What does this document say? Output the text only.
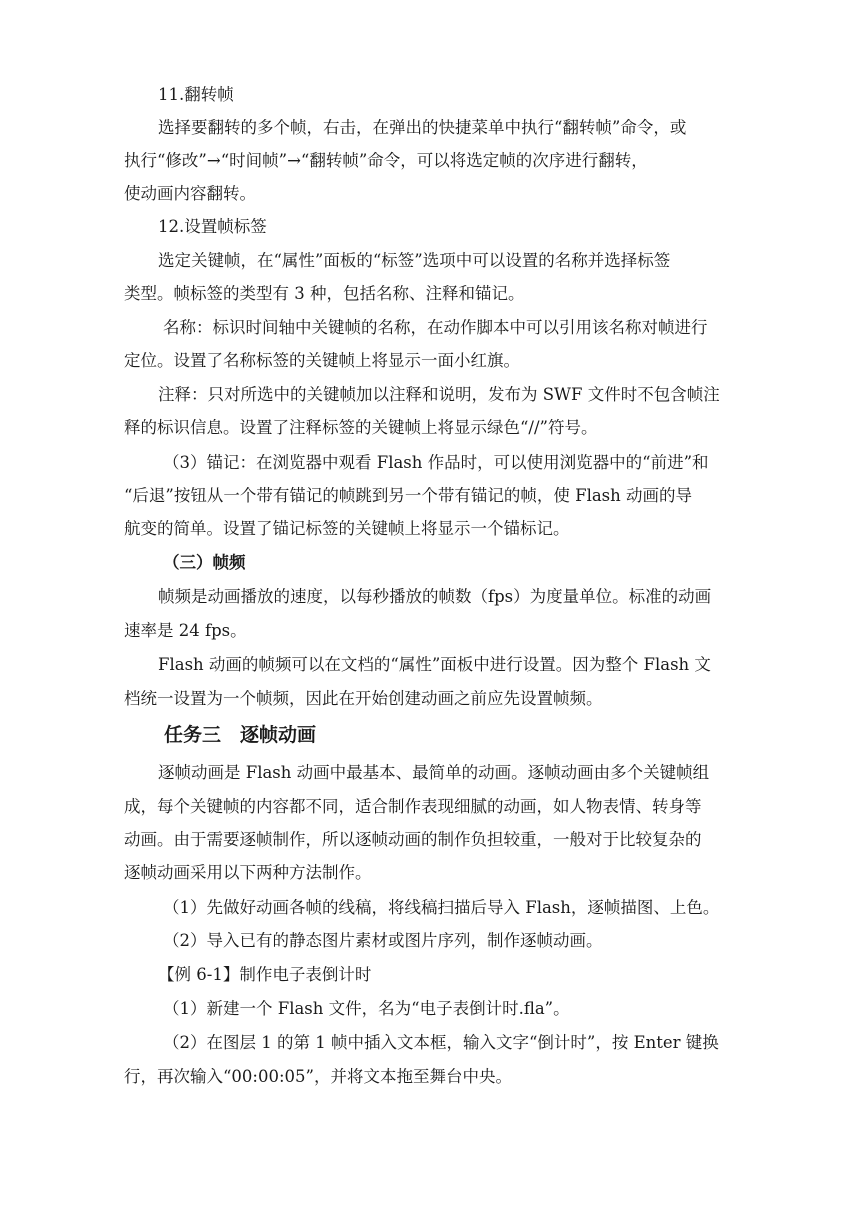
11.翻转帧
选择要翻转的多个帧，右击，在弹出的快捷菜单中执行“翻转帧”命令，或
执行“修改”→“时间帧”→“翻转帧”命令，可以将选定帧的次序进行翻转，
使动画内容翻转。
12.设置帧标签
选定关键帧，在“属性”面板的“标签”选项中可以设置的名称并选择标签
类型。帧标签的类型有 3 种，包括名称、注释和锚记。
名称：标识时间轴中关键帧的名称，在动作脚本中可以引用该名称对帧进行
定位。设置了名称标签的关键帧上将显示一面小红旗。
注释：只对所选中的关键帧加以注释和说明，发布为 SWF 文件时不包含帧注
释的标识信息。设置了注释标签的关键帧上将显示绿色“//”符号。
（3）锚记：在浏览器中观看 Flash 作品时，可以使用浏览器中的“前进”和
“后退”按钮从一个带有锚记的帧跳到另一个带有锚记的帧，使 Flash 动画的导
航变的简单。设置了锚记标签的关键帧上将显示一个锚标记。
（三）帧频
帧频是动画播放的速度，以每秒播放的帧数（fps）为度量单位。标准的动画
速率是 24 fps。
Flash 动画的帧频可以在文档的“属性”面板中进行设置。因为整个 Flash 文
任务三　逐帧动画
档统一设置为一个帧频，因此在开始创建动画之前应先设置帧频。
逐帧动画是 Flash 动画中最基本、最简单的动画。逐帧动画由多个关键帧组
成，每个关键帧的内容都不同，适合制作表现细腻的动画，如人物表情、转身等
动画。由于需要逐帧制作，所以逐帧动画的制作负担较重，一般对于比较复杂的
逐帧动画采用以下两种方法制作。
（1）先做好动画各帧的线稿，将线稿扫描后导入 Flash，逐帧描图、上色。
（2）导入已有的静态图片素材或图片序列，制作逐帧动画。
【例 6-1】制作电子表倒计时
（1）新建一个 Flash 文件，名为“电子表倒计时.fla”。
（2）在图层 1 的第 1 帧中插入文本框，输入文字“倒计时”，按 Enter 键换
行，再次输入“00:00:05”，并将文本拖至舞台中央。
